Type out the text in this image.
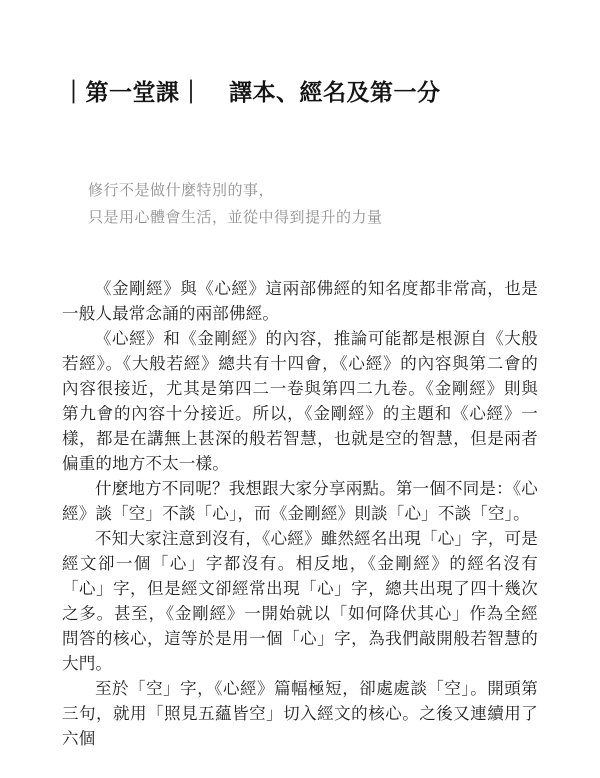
｜第一堂課｜ 譯本、經名及第一分
修行不是做什麼特別的事，
只是用心體會生活，並從中得到提升的力量

《金剛經》與《心經》這兩部佛經的知名度都非常高，也是一般人最常念誦的兩部佛經。

《心經》和《金剛經》的內容，推論可能都是根源自《大般若經》。《大般若經》總共有十四會，《心經》的內容與第二會的內容很接近，尤其是第四二一卷與第四二九卷。《金剛經》則與第九會的內容十分接近。所以，《金剛經》的主題和《心經》一樣，都是在講無上甚深的般若智慧，也就是空的智慧，但是兩者偏重的地方不太一樣。

什麼地方不同呢？我想跟大家分享兩點。第一個不同是：《心經》談「空」不談「心」，而《金剛經》則談「心」不談「空」。

不知大家注意到沒有，《心經》雖然經名出現「心」字，可是經文卻一個「心」字都沒有。相反地，《金剛經》的經名沒有「心」字，但是經文卻經常出現「心」字，總共出現了四十幾次之多。甚至，《金剛經》一開始就以「如何降伏其心」作為全經問答的核心，這等於是用一個「心」字，為我們敲開般若智慧的大門。

至於「空」字，《心經》篇幅極短，卻處處談「空」。開頭第三句，就用「照見五蘊皆空」切入經文的核心。之後又連續用了六個
